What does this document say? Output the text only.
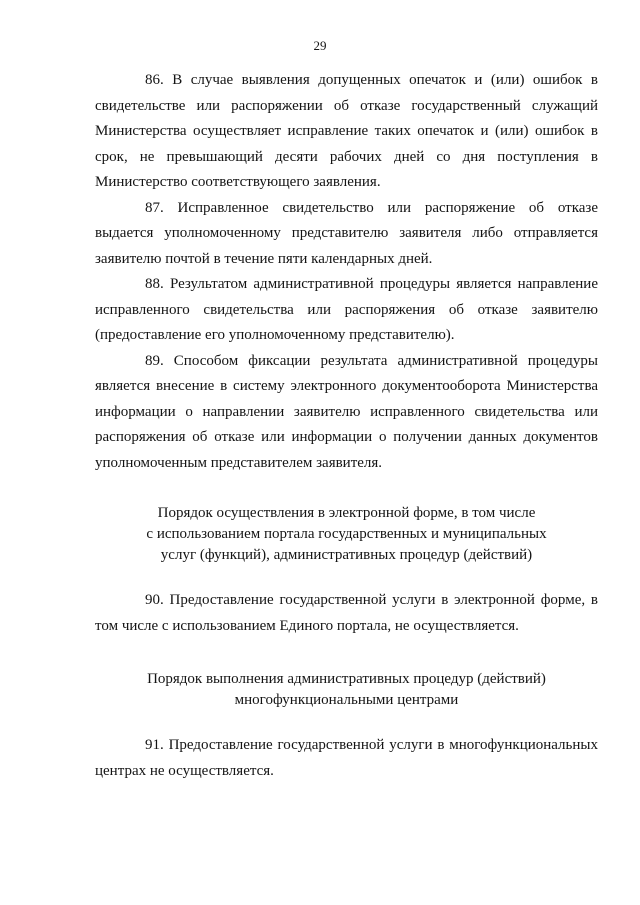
29

86. В случае выявления допущенных опечаток и (или) ошибок в свидетельстве или распоряжении об отказе государственный служащий Министерства осуществляет исправление таких опечаток и (или) ошибок в срок, не превышающий десяти рабочих дней со дня поступления в Министерство соответствующего заявления.

87. Исправленное свидетельство или распоряжение об отказе выдается уполномоченному представителю заявителя либо отправляется заявителю почтой в течение пяти календарных дней.

88. Результатом административной процедуры является направление исправленного свидетельства или распоряжения об отказе заявителю (предоставление его уполномоченному представителю).

89. Способом фиксации результата административной процедуры является внесение в систему электронного документооборота Министерства информации о направлении заявителю исправленного свидетельства или распоряжения об отказе или информации о получении данных документов уполномоченным представителем заявителя.

Порядок осуществления в электронной форме, в том числе
с использованием портала государственных и муниципальных
услуг (функций), административных процедур (действий)

90. Предоставление государственной услуги в электронной форме, в том числе с использованием Единого портала, не осуществляется.

Порядок выполнения административных процедур (действий)
многофункциональными центрами

91. Предоставление государственной услуги в многофункциональных центрах не осуществляется.
